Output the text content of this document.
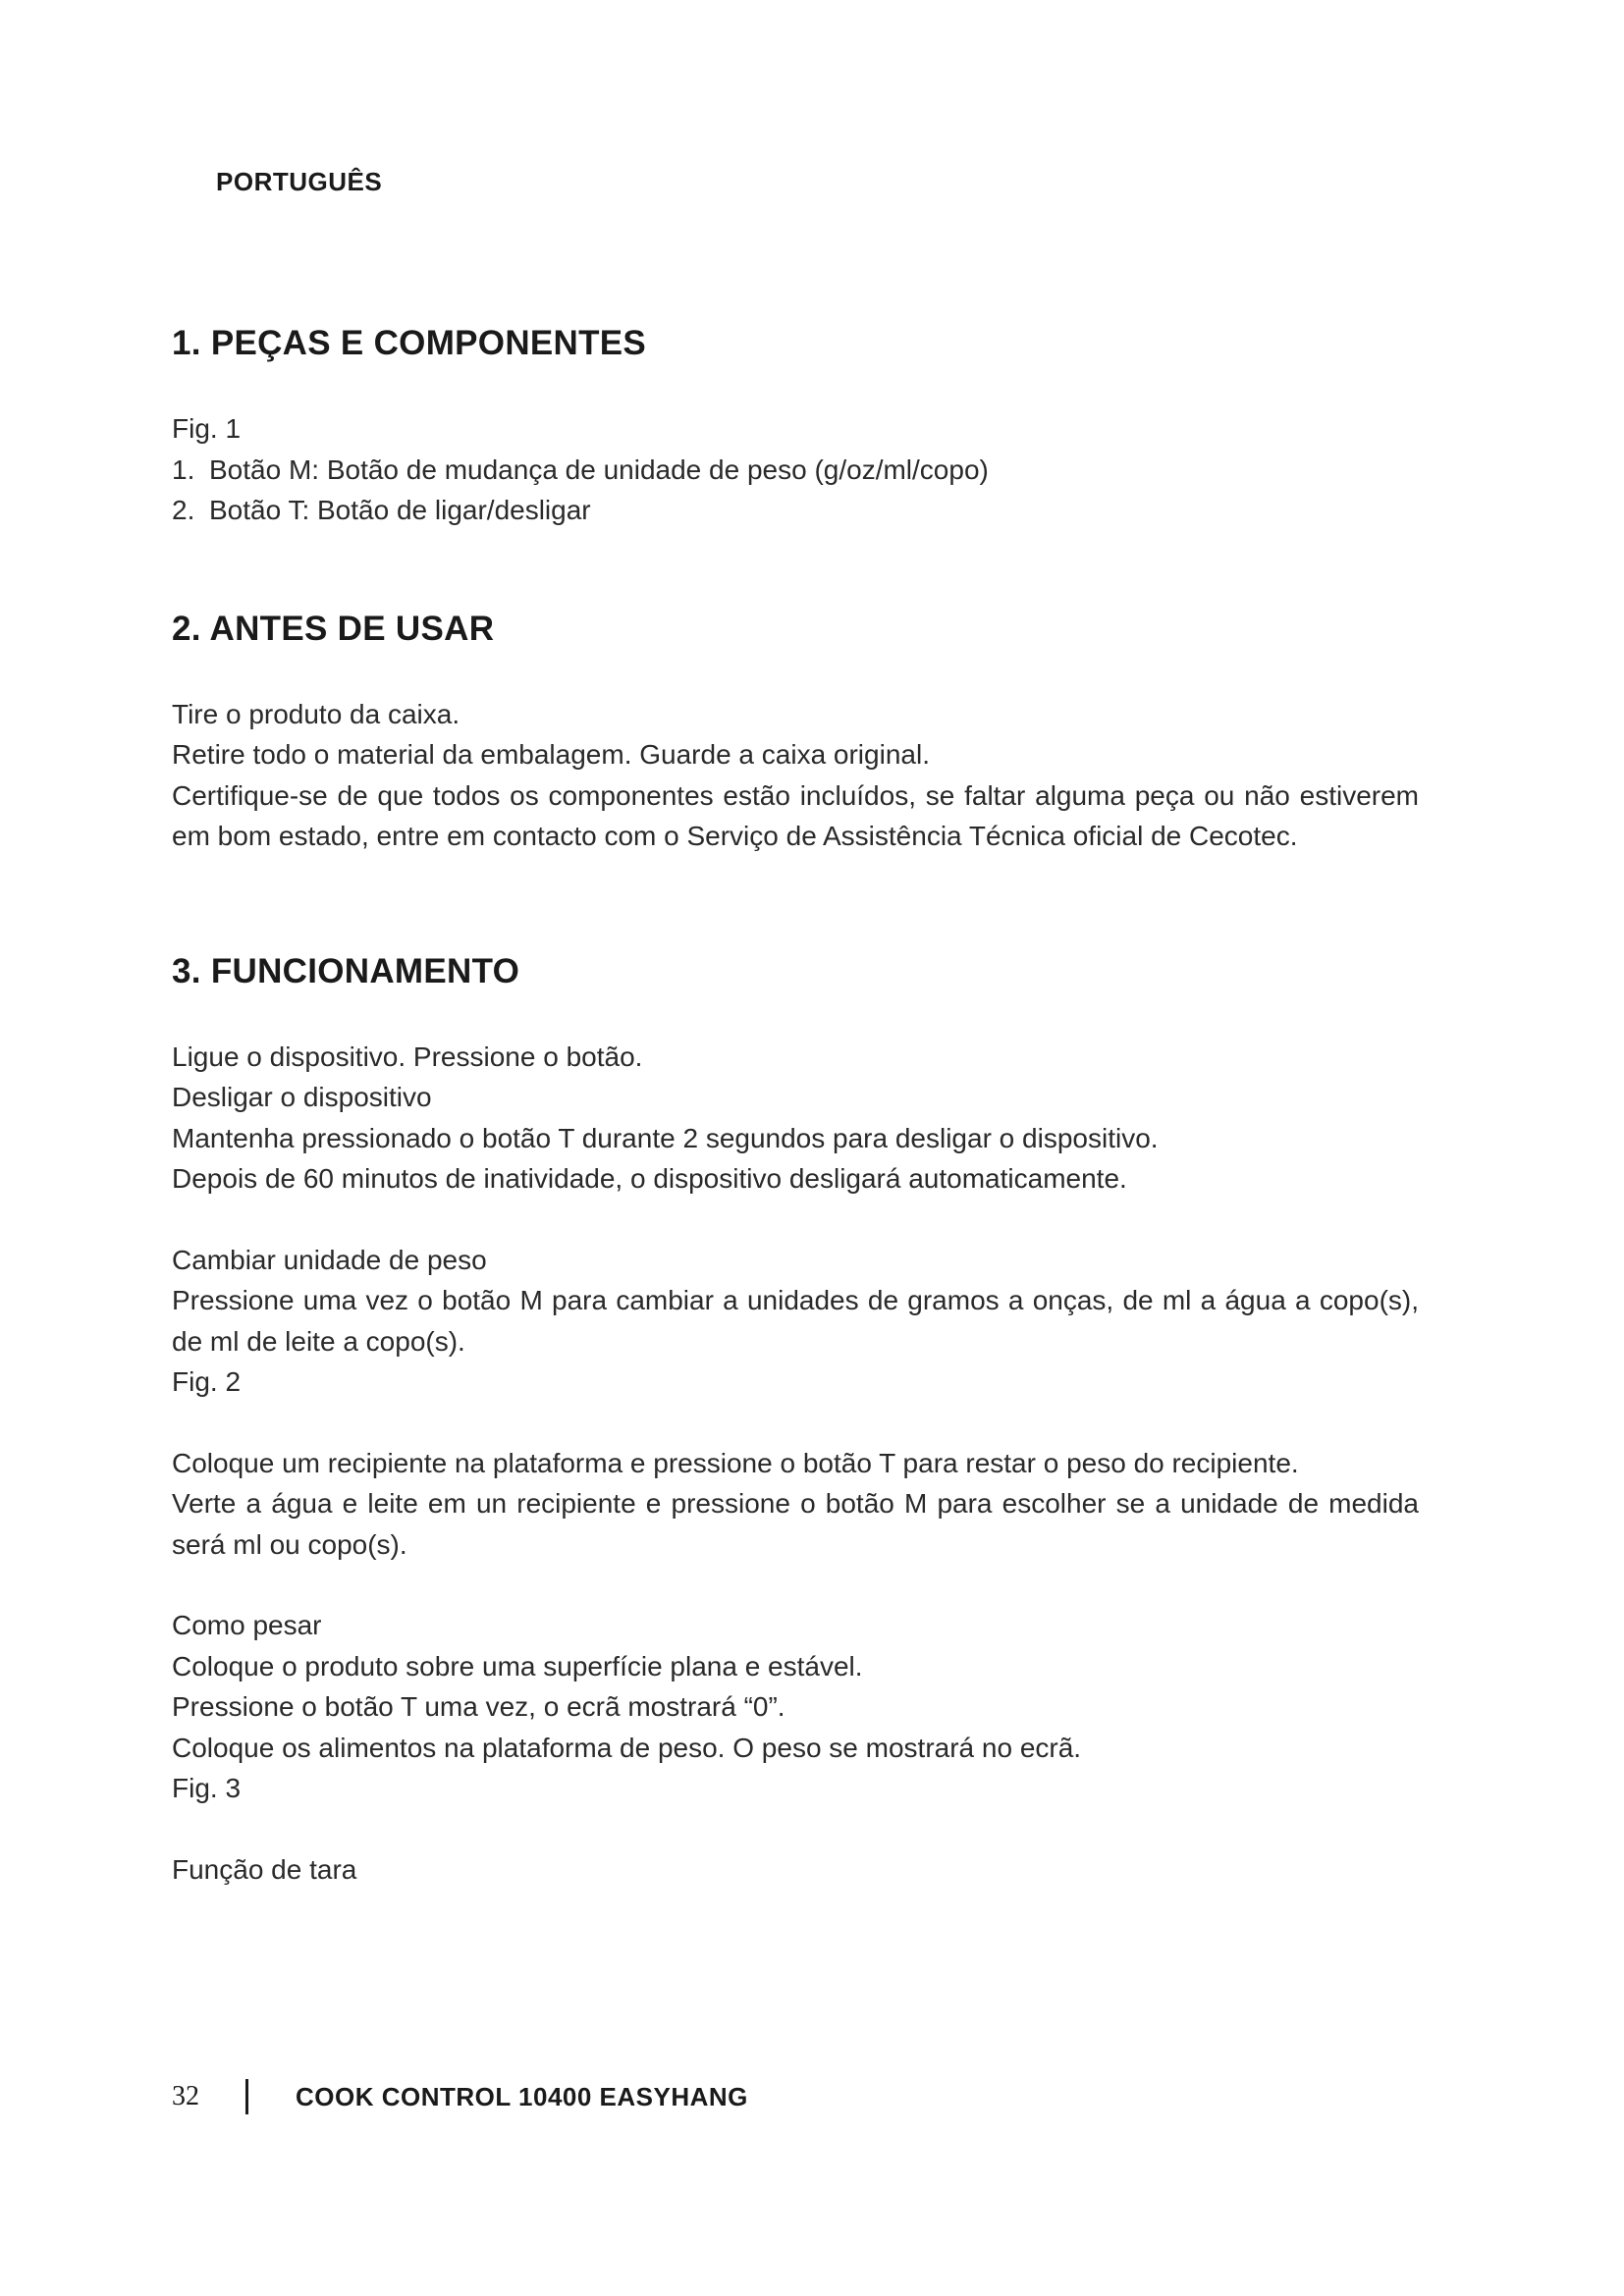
PORTUGUÊS
1. PEÇAS E COMPONENTES

Fig. 1

1. Botão M: Botão de mudança de unidade de peso (g/oz/ml/copo)
2. Botão T: Botão de ligar/desligar
2. ANTES DE USAR

Tire o produto da caixa.

Retire todo o material da embalagem. Guarde a caixa original.

Certifique-se de que todos os componentes estão incluídos, se faltar alguma peça ou não estiverem em bom estado, entre em contacto com o Serviço de Assistência Técnica oficial de Cecotec.

3. FUNCIONAMENTO

Ligue o dispositivo. Pressione o botão.

Desligar o dispositivo

Mantenha pressionado o botão T durante 2 segundos para desligar o dispositivo.

Depois de 60 minutos de inatividade, o dispositivo desligará automaticamente.

Cambiar unidade de peso

Pressione uma vez o botão M para cambiar a unidades de gramos a onças, de ml a água a copo(s), de ml de leite a copo(s).

Fig. 2

Coloque um recipiente na plataforma e pressione o botão T para restar o peso do recipiente.

Verte a água e leite em un recipiente e pressione o botão M para escolher se a unidade de medida será ml ou copo(s).

Como pesar

Coloque o produto sobre uma superfície plana e estável.

Pressione o botão T uma vez, o ecrã mostrará “0”.

Coloque os alimentos na plataforma de peso. O peso se mostrará no ecrã.

Fig. 3

Função de tara

32	COOK CONTROL 10400 EASYHANG
